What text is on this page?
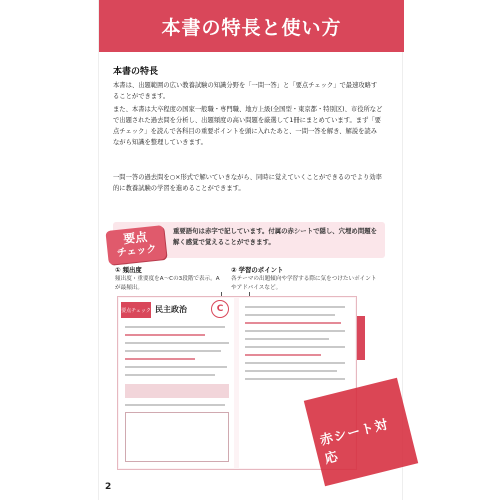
本書の特長と使い方
本書の特長

本書は、出題範囲の広い教養試験の知識分野を「一問一答」と「要点チェック」で最速攻略することができます。

また、本書は大卒程度の国家一般職・専門職、地方上級(全国型・東京都・特別区)、市役所などで出題された過去問を分析し、出題頻度の高い問題を厳選して1冊にまとめています。まず「要点チェック」を読んで各科目の重要ポイントを頭に入れたあと、一問一答を解き、解説を読みながら知識を整理していきます。

一問一答の過去問を○×形式で解いていきながら、同時に覚えていくことができるのでより効率的に教養試験の学習を進めることができます。

要点
チェック
重要語句は赤字で記しています。付属の赤シートで隠し、穴埋め問題を解く感覚で覚えることができます。
① 頻出度
頻出度・重要度をA～Cの3段階で表示。Aが最頻出。
② 学習のポイント
各テーマの出題傾向や学習する際に気をつけたいポイントやアドバイスなど。
要点チェック 民主政治	C
赤シート対応
2
